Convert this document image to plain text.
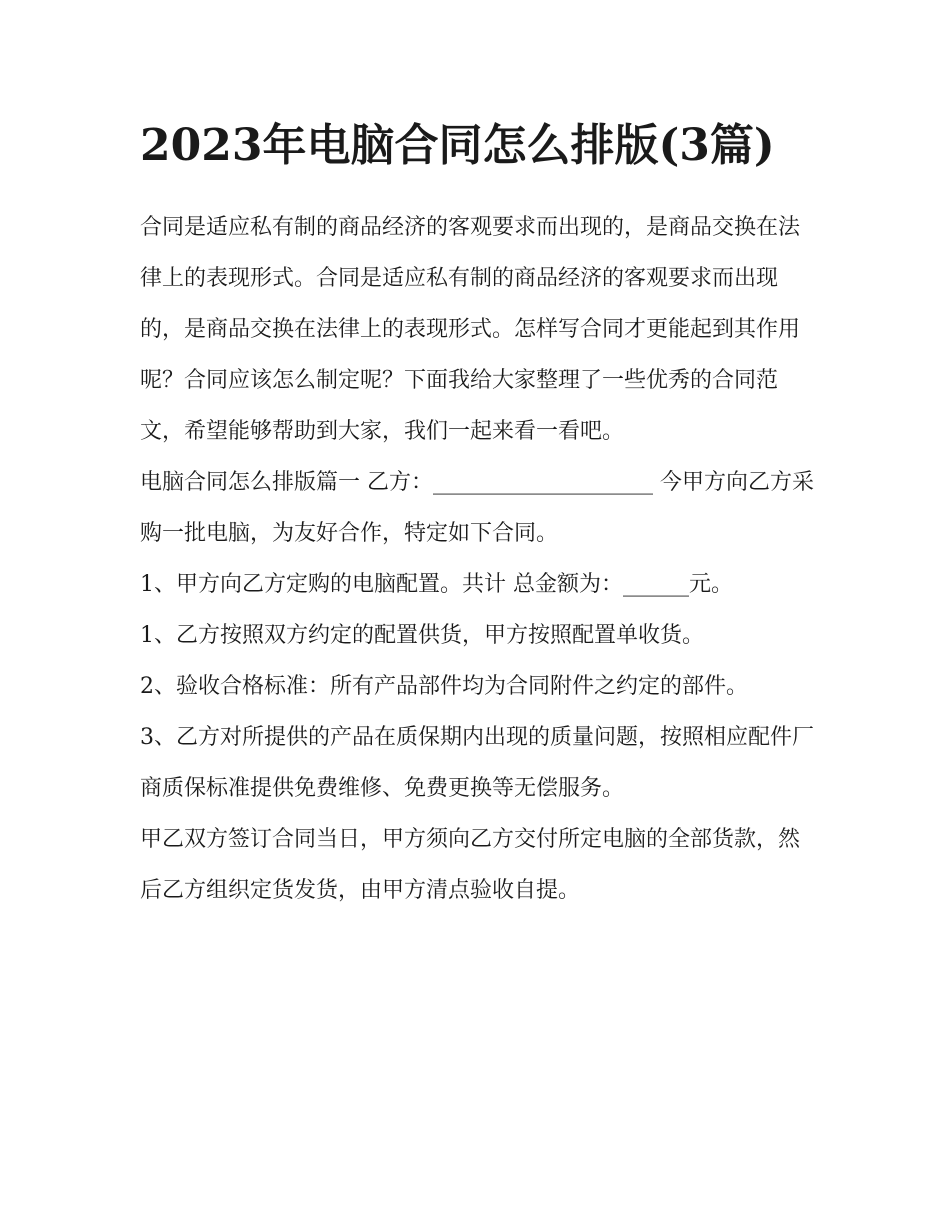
2023年电脑合同怎么排版(3篇)

合同是适应私有制的商品经济的客观要求而出现的，是商品交换在法律上的表现形式。合同是适应私有制的商品经济的客观要求而出现的，是商品交换在法律上的表现形式。怎样写合同才更能起到其作用呢？合同应该怎么制定呢？下面我给大家整理了一些优秀的合同范文，希望能够帮助到大家，我们一起来看一看吧。

电脑合同怎么排版篇一 乙方：____________________ 今甲方向乙方采购一批电脑，为友好合作，特定如下合同。

1、甲方向乙方定购的电脑配置。共计 总金额为：______元。

1、乙方按照双方约定的配置供货，甲方按照配置单收货。

2、验收合格标准：所有产品部件均为合同附件之约定的部件。

3、乙方对所提供的产品在质保期内出现的质量问题，按照相应配件厂商质保标准提供免费维修、免费更换等无偿服务。

甲乙双方签订合同当日，甲方须向乙方交付所定电脑的全部货款，然后乙方组织定货发货，由甲方清点验收自提。
